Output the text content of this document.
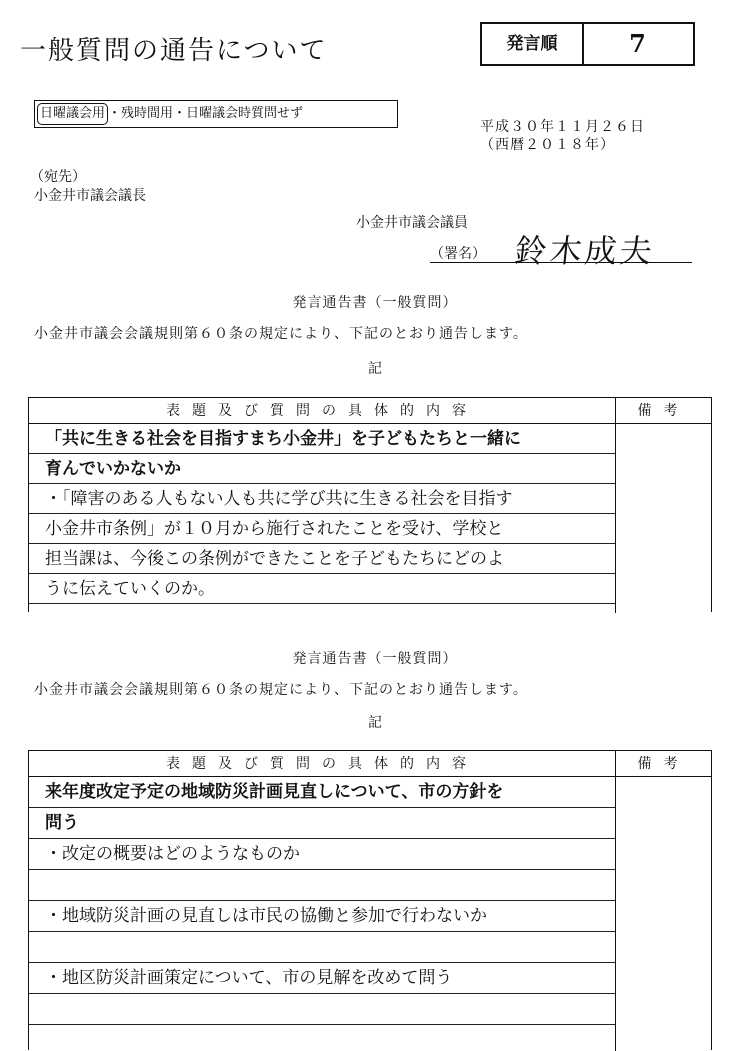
一般質問の通告について	発言順	7
日曜議会用 ・残時間用・日曜議会時質問せず
平成３０年１１月２６日
（西暦２０１８年）
（宛先）
小金井市議会議長
小金井市議会議員
（署名） 鈴木成夫
発言通告書（一般質問）
小金井市議会会議規則第６０条の規定により、下記のとおり通告します。
記
表題及び質問の具体的内容	備考
「共に生きる社会を目指すまち小金井」を子どもたちと一緒に
育んでいかないか
・「障害のある人もない人も共に学び共に生きる社会を目指す
小金井市条例」が１０月から施行されたことを受け、学校と
担当課は、今後この条例ができたことを子どもたちにどのよ
うに伝えていくのか。
発言通告書（一般質問）
小金井市議会会議規則第６０条の規定により、下記のとおり通告します。
記
表題及び質問の具体的内容	備考
来年度改定予定の地域防災計画見直しについて、市の方針を
問う
・改定の概要はどのようなものか
・地域防災計画の見直しは市民の協働と参加で行わないか
・地区防災計画策定について、市の見解を改めて問う
